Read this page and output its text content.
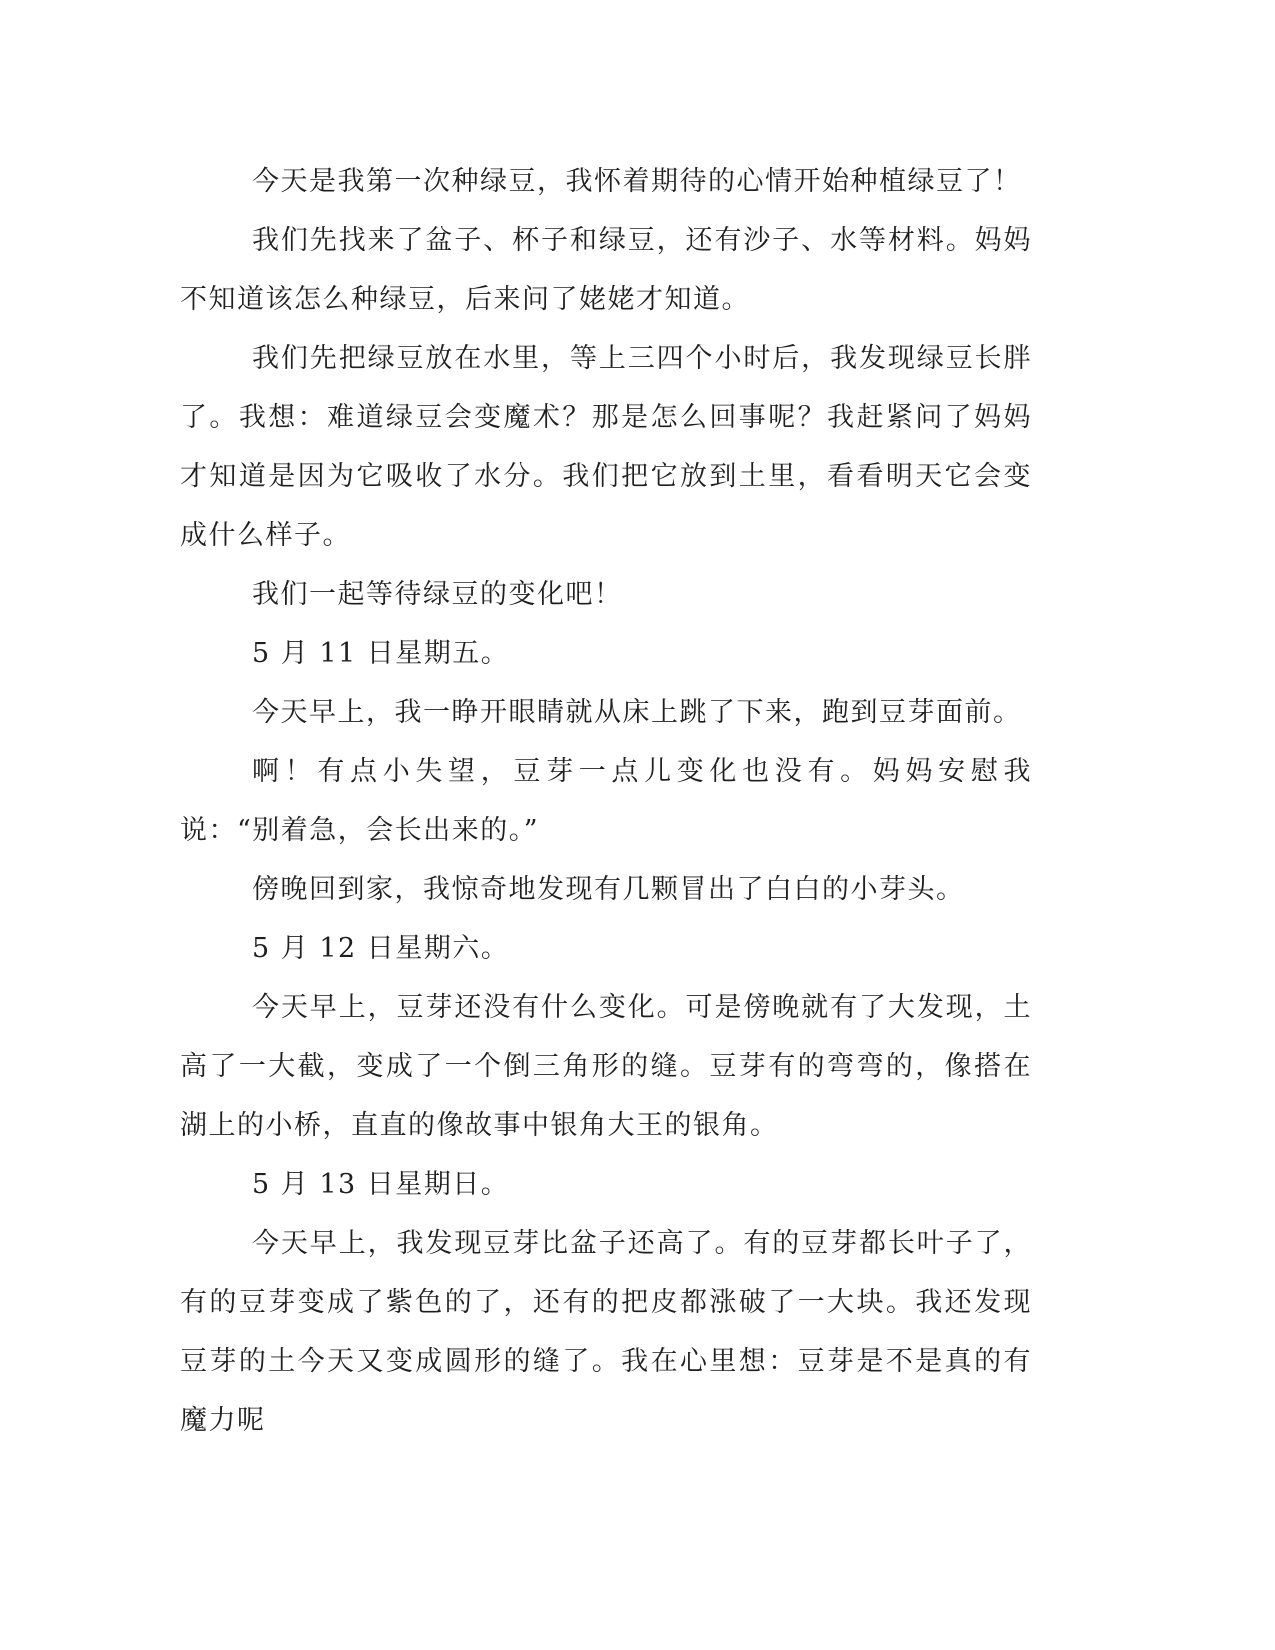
今天是我第一次种绿豆，我怀着期待的心情开始种植绿豆了！

我们先找来了盆子、杯子和绿豆，还有沙子、水等材料。妈妈不知道该怎么种绿豆，后来问了姥姥才知道。

我们先把绿豆放在水里，等上三四个小时后，我发现绿豆长胖了。我想：难道绿豆会变魔术？那是怎么回事呢？我赶紧问了妈妈才知道是因为它吸收了水分。我们把它放到土里，看看明天它会变成什么样子。

我们一起等待绿豆的变化吧！

5 月 11 日星期五。

今天早上，我一睁开眼睛就从床上跳了下来，跑到豆芽面前。

啊！有点小失望，豆芽一点儿变化也没有。妈妈安慰我说：“别着急，会长出来的。”

傍晚回到家，我惊奇地发现有几颗冒出了白白的小芽头。

5 月 12 日星期六。

今天早上，豆芽还没有什么变化。可是傍晚就有了大发现，土高了一大截，变成了一个倒三角形的缝。豆芽有的弯弯的，像搭在湖上的小桥，直直的像故事中银角大王的银角。

5 月 13 日星期日。

今天早上，我发现豆芽比盆子还高了。有的豆芽都长叶子了，有的豆芽变成了紫色的了，还有的把皮都涨破了一大块。我还发现豆芽的土今天又变成圆形的缝了。我在心里想：豆芽是不是真的有魔力呢
